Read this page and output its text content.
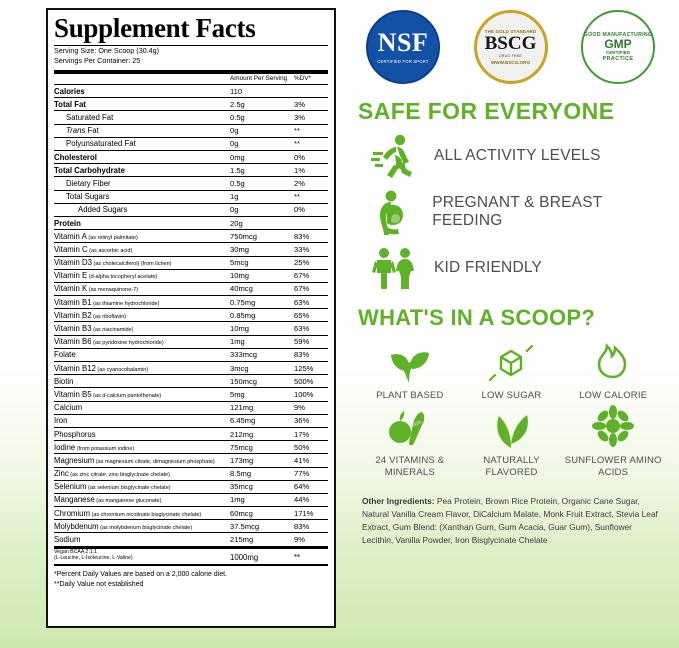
Supplement Facts
Serving Size: One Scoop (30.4g)
Servings Per Container: 25
	Amount Per Serving	%DV*
Calories	110	
Total Fat	2.5g	3%
Saturated Fat	0.5g	3%
Trans Fat	0g	**
Polyunsaturated Fat	0g	**
Cholesterol	0mg	0%
Total Carbohydrate	1.5g	1%
Dietary Fiber	0.5g	2%
Total Sugars	1g	**
Added Sugars	0g	0%
Protein	20g	
Vitamin A (as retinyl palmitate)	750mcg	83%
Vitamin C (as ascorbic acid)	30mg	33%
Vitamin D3 (as cholecalciferol) (from lichen)	5mcg	25%
Vitamin E (d-alpha tocopheryl acetate)	10mg	67%
Vitamin K (as menaquinone-7)	40mcg	67%
Vitamin B1 (as thiamine hydrochloride)	0.75mg	63%
Vitamin B2 (as riboflavin)	0.85mg	65%
Vitamin B3 (as niacinamide)	10mg	63%
Vitamin B6 (as pyridoxine hydrochloride)	1mg	59%
Folate	333mcg	83%
Vitamin B12 (as cyanocobalamin)	3mcg	125%
Biotin	150mcg	500%
Vitamin B5 (as d-calcium pantothenate)	5mg	100%
Calcium	121mg	9%
Iron	6.45mg	36%
Phosphorus	212mg	17%
Iodine (from potassium iodine)	75mcg	50%
Magnesium (as magnesium citrate, dimagnesium phosphate)	173mg	41%
Zinc (as zinc citrate, zinc bisglycinate chelate)	8.5mg	77%
Selenium (as selenium bisglycinate chelate)	35mcg	64%
Manganese (as manganese gluconate)	1mg	44%
Chromium (as chromium nicotinate bisglycinate chelate)	60mcg	171%
Molybdenum (as molybdenum bisglycinate chelate)	37.5mcg	83%
Sodium	215mg	9%
Vegan BCAA 2:1:1
(L-Leucine, L-Isoleucine, L-Valine)	1000mg	**
*Percent Daily Values are based on a 2,000 calorie diet.
**Daily Value not established
NSF
CERTIFIED FOR SPORT
THE GOLD STANDARD
BSCG
DRUG FREE
WWW.BSCG.ORG
GOOD MANUFACTURING
GMP
CERTIFIED
PRACTICE
SAFE FOR EVERYONE
ALL ACTIVITY LEVELS
PREGNANT & BREAST FEEDING
KID FRIENDLY
WHAT'S IN A SCOOP?
PLANT BASED	LOW SUGAR	LOW CALORIE
24 VITAMINS & MINERALS
NATURALLY FLAVORED
SUNFLOWER AMINO ACIDS
Other Ingredients: Pea Protein, Brown Rice Protein, Organic Cane Sugar, Natural Vanilla Cream Flavor, DiCalcium Malate, Monk Fruit Extract, Stevia Leaf Extract, Gum Blend: (Xanthan Gum, Gum Acacia, Guar Gum), Sunflower Lecithin, Vanilla Powder, Iron Bisglycinate Chelate
